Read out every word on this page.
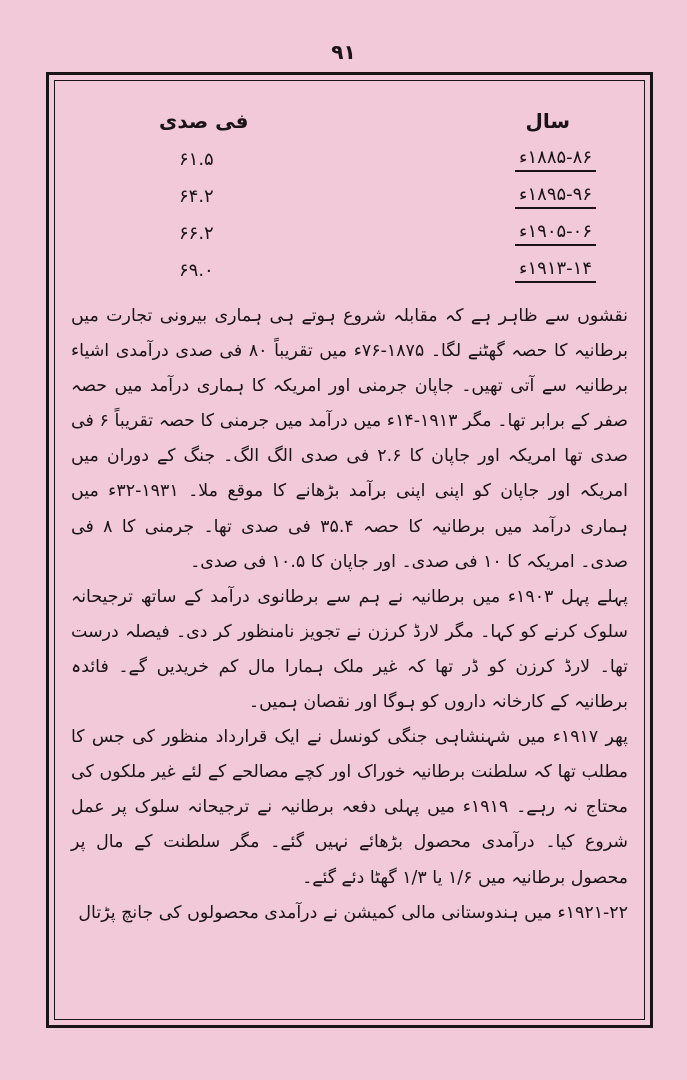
۹۱
سال
فی صدی
۱۸۸۵-۸۶ء
۶۱.۵
۱۸۹۵-۹۶ء
۶۴.۲
۱۹۰۵-۰۶ء
۶۶.۲
۱۹۱۳-۱۴ء
۶۹.۰

نقشوں سے ظاہر ہے کہ مقابلہ شروع ہوتے ہی ہماری بیرونی تجارت میں برطانیہ کا حصہ گھٹنے لگا۔ ۱۸۷۵-۷۶ء میں تقریباً ۸۰ فی صدی درآمدی اشیاء برطانیہ سے آتی تھیں۔ جاپان جرمنی اور امریکہ کا ہماری درآمد میں حصہ صفر کے برابر تھا۔ مگر ۱۹۱۳-۱۴ء میں درآمد میں جرمنی کا حصہ تقریباً ۶ فی صدی تھا امریکہ اور جاپان کا ۲.۶ فی صدی الگ الگ۔ جنگ کے دوران میں امریکہ اور جاپان کو اپنی اپنی برآمد بڑھانے کا موقع ملا۔ ۱۹۳۱-۳۲ء میں ہماری درآمد میں برطانیہ کا حصہ ۳۵.۴ فی صدی تھا۔ جرمنی کا ۸ فی صدی۔ امریکہ کا ۱۰ فی صدی۔ اور جاپان کا ۱۰.۵ فی صدی۔

پہلے پہل ۱۹۰۳ء میں برطانیہ نے ہم سے برطانوی درآمد کے ساتھ ترجیحانہ سلوک کرنے کو کہا۔ مگر لارڈ کرزن نے تجویز نامنظور کر دی۔ فیصلہ درست تھا۔ لارڈ کرزن کو ڈر تھا کہ غیر ملک ہمارا مال کم خریدیں گے۔ فائدہ برطانیہ کے کارخانہ داروں کو ہوگا اور نقصان ہمیں۔

پھر ۱۹۱۷ء میں شہنشاہی جنگی کونسل نے ایک قرارداد منظور کی جس کا مطلب تھا کہ سلطنت برطانیہ خوراک اور کچے مصالحے کے لئے غیر ملکوں کی محتاج نہ رہے۔ ۱۹۱۹ء میں پہلی دفعہ برطانیہ نے ترجیحانہ سلوک پر عمل شروع کیا۔ درآمدی محصول بڑھائے نہیں گئے۔ مگر سلطنت کے مال پر محصول برطانیہ میں ۱/۶ یا ۱/۳ گھٹا دئے گئے۔

۱۹۲۱-۲۲ء میں ہندوستانی مالی کمیشن نے درآمدی محصولوں کی جانچ پڑتال
